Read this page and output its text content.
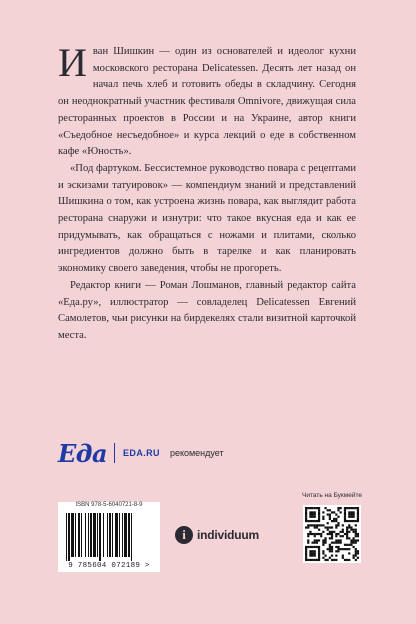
Иван Шишкин — один из основателей и идеолог кухни московского ресторана Delicatessen. Десять лет назад он начал печь хлеб и готовить обеды в складчину. Сегодня он неоднократный участник фестиваля Omnivore, движущая сила ресторанных проектов в России и на Украине, автор книги «Съедобное несъедобное» и курса лекций о еде в собственном кафе «Юность».

«Под фартуком. Бессистемное руководство повара с рецептами и эскизами татуировок» — компендиум знаний и представлений Шишкина о том, как устроена жизнь повара, как выглядит работа ресторана снаружи и изнутри: что такое вкусная еда и как ее придумывать, как обращаться с ножами и плитами, сколько ингредиентов должно быть в тарелке и как планировать экономику своего заведения, чтобы не прогореть.

Редактор книги — Роман Лошманов, главный редактор сайта «Еда.ру», иллюстратор — совладелец Delicatessen Евгений Самолетов, чьи рисунки на бирдекелях стали визитной карточкой места.

Еда EDA.RU рекомендует
ISBN 978-5-6040721-8-9
9 785604 072189 >
i individuum
Читать на Букмейте
